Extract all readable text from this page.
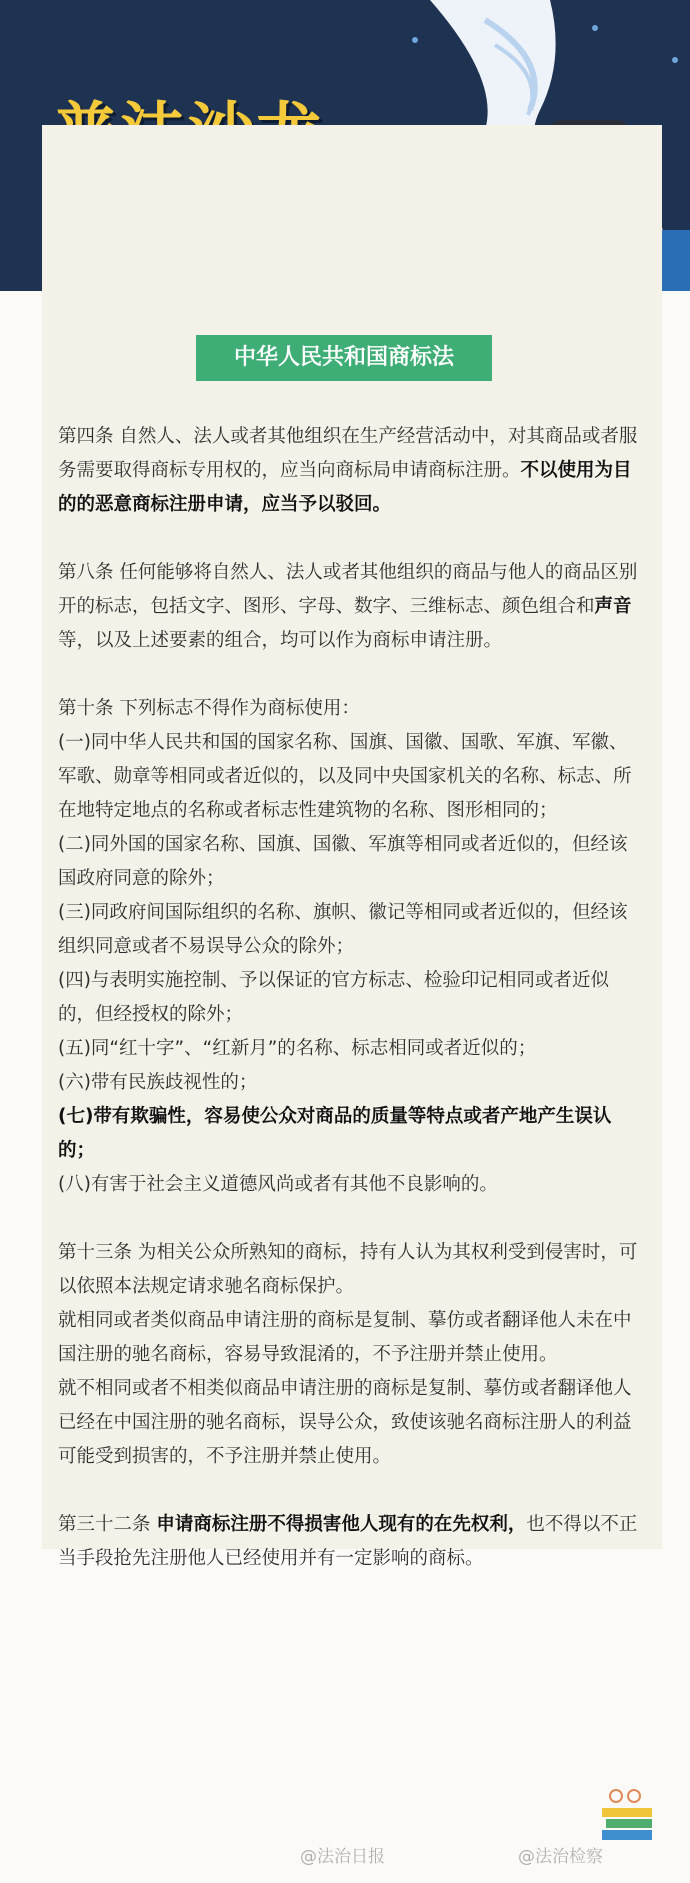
中华人民共和国商标法

第四条 自然人、法人或者其他组织在生产经营活动中，对其商品或者服务需要取得商标专用权的，应当向商标局申请商标注册。不以使用为目的的恶意商标注册申请，应当予以驳回。

第八条 任何能够将自然人、法人或者其他组织的商品与他人的商品区别开的标志，包括文字、图形、字母、数字、三维标志、颜色组合和声音等，以及上述要素的组合，均可以作为商标申请注册。

第十条 下列标志不得作为商标使用：

(一)同中华人民共和国的国家名称、国旗、国徽、国歌、军旗、军徽、军歌、勋章等相同或者近似的，以及同中央国家机关的名称、标志、所在地特定地点的名称或者标志性建筑物的名称、图形相同的；

(二)同外国的国家名称、国旗、国徽、军旗等相同或者近似的，但经该国政府同意的除外；

(三)同政府间国际组织的名称、旗帜、徽记等相同或者近似的，但经该组织同意或者不易误导公众的除外；

(四)与表明实施控制、予以保证的官方标志、检验印记相同或者近似的，但经授权的除外；

(五)同“红十字”、“红新月”的名称、标志相同或者近似的；

(六)带有民族歧视性的；

(七)带有欺骗性，容易使公众对商品的质量等特点或者产地产生误认的；

(八)有害于社会主义道德风尚或者有其他不良影响的。

第十三条 为相关公众所熟知的商标，持有人认为其权利受到侵害时，可以依照本法规定请求驰名商标保护。

就相同或者类似商品申请注册的商标是复制、摹仿或者翻译他人未在中国注册的驰名商标，容易导致混淆的，不予注册并禁止使用。

就不相同或者不相类似商品申请注册的商标是复制、摹仿或者翻译他人已经在中国注册的驰名商标，误导公众，致使该驰名商标注册人的利益可能受到损害的，不予注册并禁止使用。

第三十二条 申请商标注册不得损害他人现有的在先权利，也不得以不正当手段抢先注册他人已经使用并有一定影响的商标。

@法治日报	@法治检察
